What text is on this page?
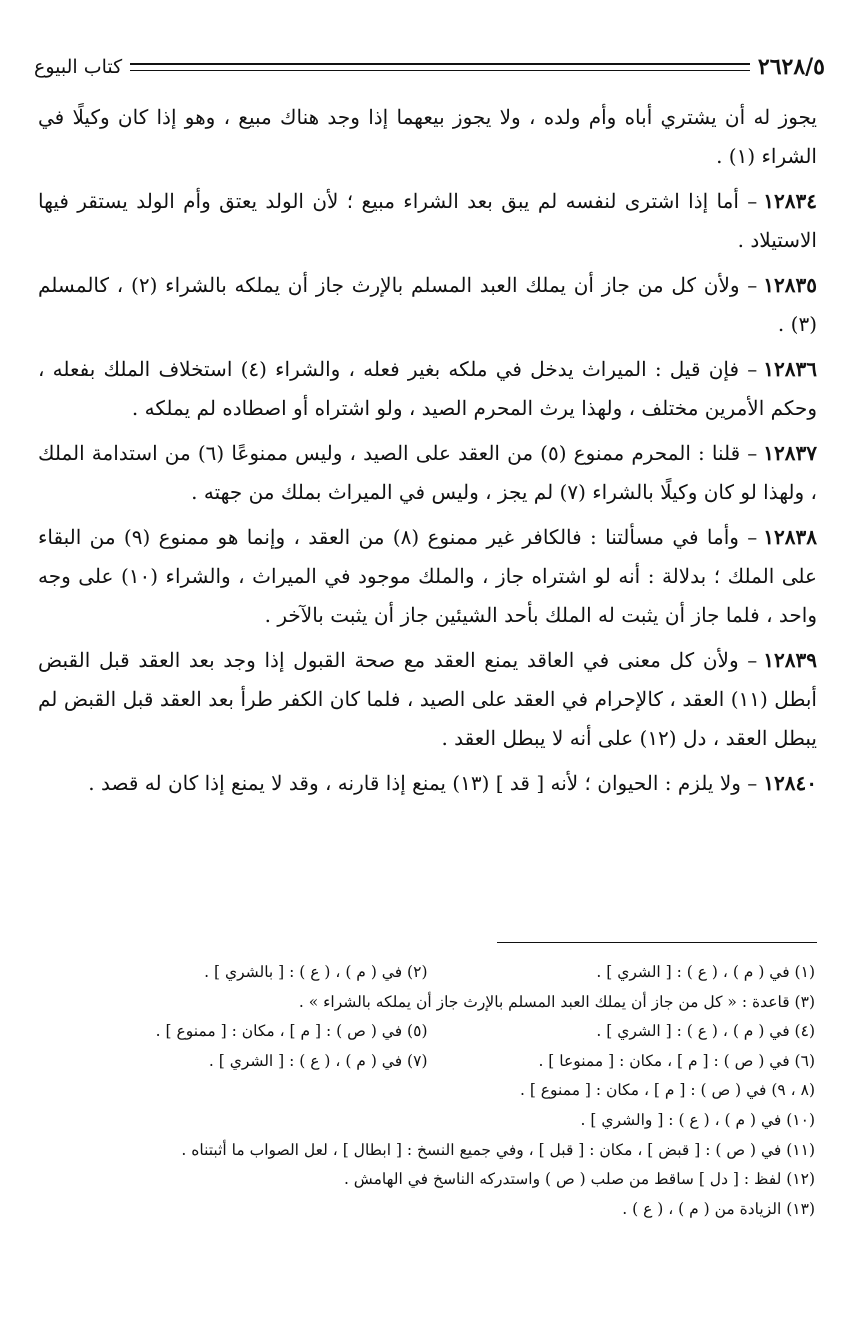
٢٦٢٨/٥
كتاب البيوع

يجوز له أن يشتري أباه وأم ولده ، ولا يجوز بيعهما إذا وجد هناك مبيع ، وهو إذا كان وكيلًا في الشراء (١) .

١٢٨٣٤– أما إذا اشترى لنفسه لم يبق بعد الشراء مبيع ؛ لأن الولد يعتق وأم الولد يستقر فيها الاستيلاد .

١٢٨٣٥– ولأن كل من جاز أن يملك العبد المسلم بالإرث جاز أن يملكه بالشراء (٢) ، كالمسلم (٣) .

١٢٨٣٦– فإن قيل : الميراث يدخل في ملكه بغير فعله ، والشراء (٤) استخلاف الملك بفعله ، وحكم الأمرين مختلف ، ولهذا يرث المحرم الصيد ، ولو اشتراه أو اصطاده لم يملكه .

١٢٨٣٧– قلنا : المحرم ممنوع (٥) من العقد على الصيد ، وليس ممنوعًا (٦) من استدامة الملك ، ولهذا لو كان وكيلًا بالشراء (٧) لم يجز ، وليس في الميراث بملك من جهته .

١٢٨٣٨– وأما في مسألتنا : فالكافر غير ممنوع (٨) من العقد ، وإنما هو ممنوع (٩) من البقاء على الملك ؛ بدلالة : أنه لو اشتراه جاز ، والملك موجود في الميراث ، والشراء (١٠) على وجه واحد ، فلما جاز أن يثبت له الملك بأحد الشيئين جاز أن يثبت بالآخر .

١٢٨٣٩– ولأن كل معنى في العاقد يمنع العقد مع صحة القبول إذا وجد بعد العقد قبل القبض أبطل (١١) العقد ، كالإحرام في العقد على الصيد ، فلما كان الكفر طرأ بعد العقد قبل القبض لم يبطل العقد ، دل (١٢) على أنه لا يبطل العقد .

١٢٨٤٠– ولا يلزم : الحيوان ؛ لأنه [ قد ] (١٣) يمنع إذا قارنه ، وقد لا يمنع إذا كان له قصد .

(١) في ( م ) ، ( ع ) : [ الشري ] .
(٢) في ( م ) ، ( ع ) : [ بالشري ] .
(٣) قاعدة : « كل من جاز أن يملك العبد المسلم بالإرث جاز أن يملكه بالشراء » .
(٤) في ( م ) ، ( ع ) : [ الشري ] .
(٥) في ( ص ) : [ م ] ، مكان : [ ممنوع ] .
(٦) في ( ص ) : [ م ] ، مكان : [ ممنوعا ] .
(٧) في ( م ) ، ( ع ) : [ الشري ] .
(٨ ، ٩) في ( ص ) : [ م ] ، مكان : [ ممنوع ] .
(١٠) في ( م ) ، ( ع ) : [ والشري ] .
(١١) في ( ص ) : [ قبض ] ، مكان : [ قبل ] ، وفي جميع النسخ : [ ابطال ] ، لعل الصواب ما أثبتناه .
(١٢) لفظ : [ دل ] ساقط من صلب ( ص ) واستدركه الناسخ في الهامش .
(١٣) الزيادة من ( م ) ، ( ع ) .
